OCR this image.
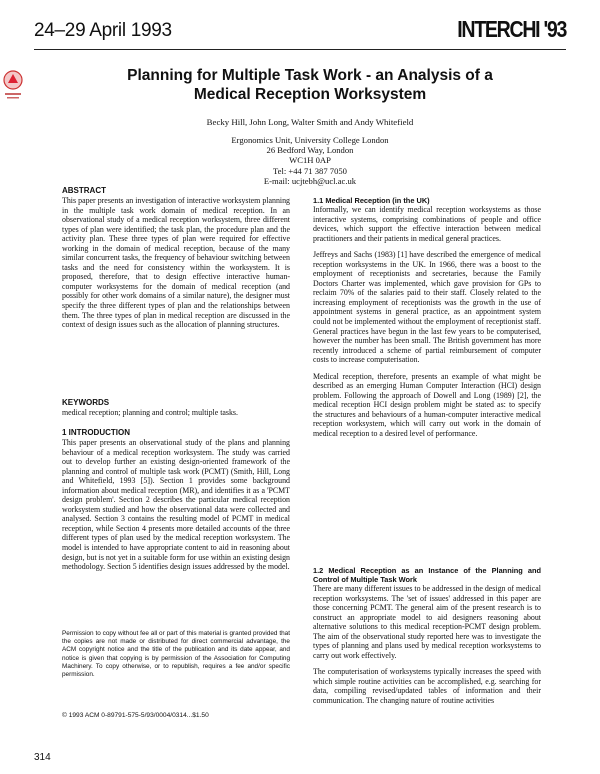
24–29 April 1993	INTERCHI '93
Planning for Multiple Task Work - an Analysis of a
Medical Reception Worksystem
Becky Hill, John Long, Walter Smith and Andy Whitefield
Ergonomics Unit, University College London
26 Bedford Way, London
WC1H 0AP
Tel: +44 71 387 7050
E-mail: ucjtebh@ucl.ac.uk
ABSTRACT

This paper presents an investigation of interactive worksystem planning in the multiple task work domain of medical reception. In an observational study of a medical reception worksystem, three different types of plan were identified; the task plan, the procedure plan and the activity plan. These three types of plan were required for effective working in the domain of medical reception, because of the many similar concurrent tasks, the frequency of behaviour switching between tasks and the need for consistency within the worksystem. It is proposed, therefore, that to design effective interactive human-computer worksystems for the domain of medical reception (and possibly for other work domains of a similar nature), the designer must specify the three different types of plan and the relationships between them. The three types of plan in medical reception are discussed in the context of design issues such as the allocation of planning structures.

KEYWORDS

medical reception; planning and control; multiple tasks.

1 INTRODUCTION

This paper presents an observational study of the plans and planning behaviour of a medical reception worksystem. The study was carried out to develop further an existing design-oriented framework of the planning and control of multiple task work (PCMT) (Smith, Hill, Long and Whitefield, 1993 [5]). Section 1 provides some background information about medical reception (MR), and identifies it as a 'PCMT design problem'. Section 2 describes the particular medical reception worksystem studied and how the observational data were collected and analysed. Section 3 contains the resulting model of PCMT in medical reception, while Section 4 presents more detailed accounts of the three different types of plan used by the medical reception worksystem. The model is intended to have appropriate content to aid in reasoning about design, but is not yet in a suitable form for use within an existing design methodology. Section 5 identifies design issues addressed by the model.

Permission to copy without fee all or part of this material is granted provided that the copies are not made or distributed for direct commercial advantage, the ACM copyright notice and the title of the publication and its date appear, and notice is given that copying is by permission of the Association for Computing Machinery. To copy otherwise, or to republish, requires a fee and/or specific permission.
© 1993 ACM 0-89791-575-5/93/0004/0314...$1.50
314
1.1 Medical Reception (in the UK)

Informally, we can identify medical reception worksystems as those interactive systems, comprising combinations of people and office devices, which support the effective interaction between medical practitioners and their patients in medical general practices.

Jeffreys and Sachs (1983) [1] have described the emergence of medical reception worksystems in the UK. In 1966, there was a boost to the employment of receptionists and secretaries, because the Family Doctors Charter was implemented, which gave provision for GPs to reclaim 70% of the salaries paid to their staff. Closely related to the increasing employment of receptionists was the growth in the use of appointment systems in general practice, as an appointment system could not be implemented without the employment of receptionist staff. General practices have begun in the last few years to be computerised, however the number has been small. The British government has more recently introduced a scheme of partial reimbursement of computer costs to increase computerisation.

Medical reception, therefore, presents an example of what might be described as an emerging Human Computer Interaction (HCI) design problem. Following the approach of Dowell and Long (1989) [2], the medical reception HCI design problem might be stated as: to specify the structures and behaviours of a human-computer interactive medical reception worksystem, which will carry out work in the domain of medical reception to a desired level of performance.

1.2 Medical Reception as an Instance of the Planning and Control of Multiple Task Work

There are many different issues to be addressed in the design of medical reception worksystems. The 'set of issues' addressed in this paper are those concerning PCMT. The general aim of the present research is to construct an appropriate model to aid designers reasoning about alternative solutions to this medical reception-PCMT design problem. The aim of the observational study reported here was to investigate the types of planning and plans used by medical reception worksystems to carry out work effectively.

The computerisation of worksystems typically increases the speed with which simple routine activities can be accomplished, e.g. searching for data, compiling revised/updated tables of information and their communication. The changing nature of routine activities
